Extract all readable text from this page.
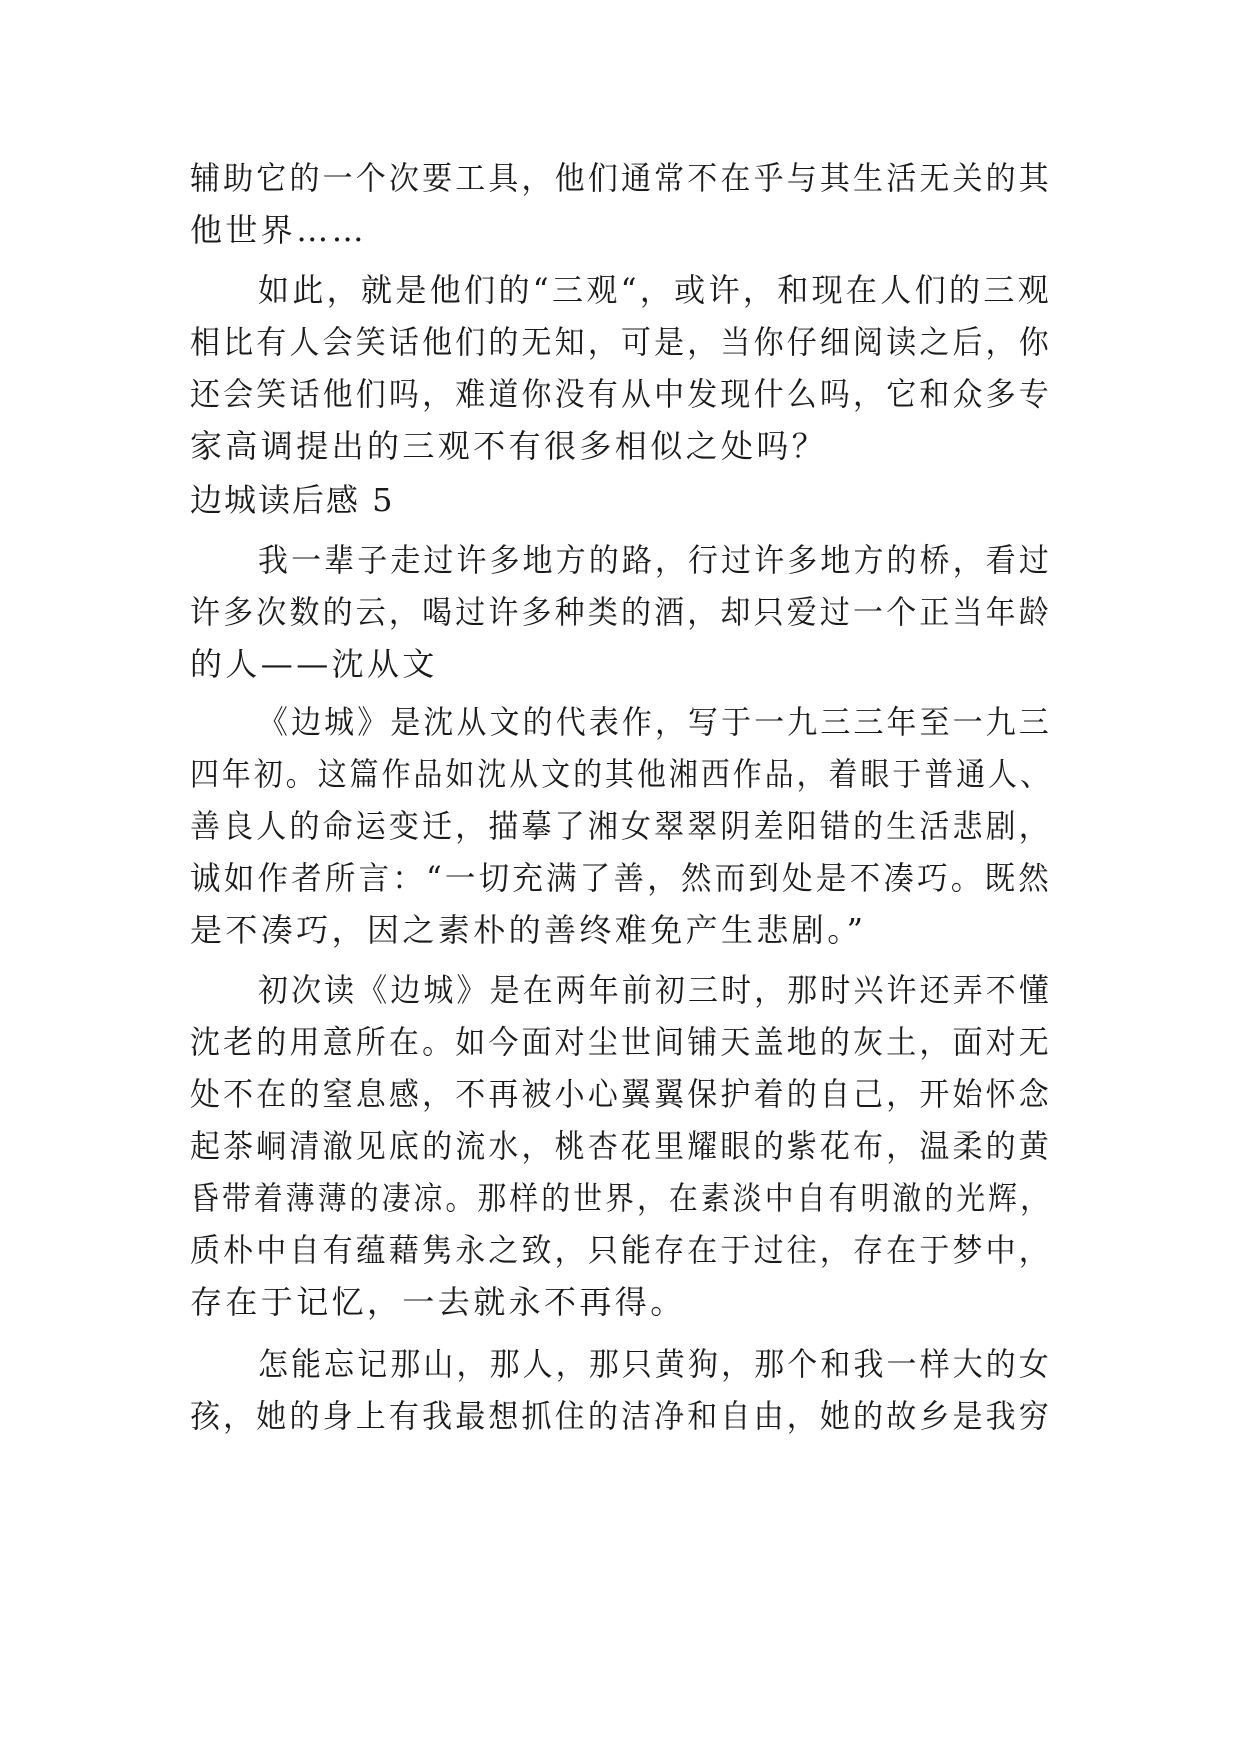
辅助它的一个次要工具，他们通常不在乎与其生活无关的其
他世界……
如此，就是他们的“三观“，或许，和现在人们的三观
相比有人会笑话他们的无知，可是，当你仔细阅读之后，你
还会笑话他们吗，难道你没有从中发现什么吗，它和众多专
家高调提出的三观不有很多相似之处吗？
边城读后感 5
我一辈子走过许多地方的路，行过许多地方的桥，看过
许多次数的云，喝过许多种类的酒，却只爱过一个正当年龄
的人——沈从文
《边城》是沈从文的代表作，写于一九三三年至一九三
四年初。这篇作品如沈从文的其他湘西作品，着眼于普通人、
善良人的命运变迁，描摹了湘女翠翠阴差阳错的生活悲剧，
诚如作者所言：“一切充满了善，然而到处是不凑巧。既然
是不凑巧，因之素朴的善终难免产生悲剧。”
初次读《边城》是在两年前初三时，那时兴许还弄不懂
沈老的用意所在。如今面对尘世间铺天盖地的灰土，面对无
处不在的窒息感，不再被小心翼翼保护着的自己，开始怀念
起茶峒清澈见底的流水，桃杏花里耀眼的紫花布，温柔的黄
昏带着薄薄的凄凉。那样的世界，在素淡中自有明澈的光辉，
质朴中自有蕴藉隽永之致，只能存在于过往，存在于梦中，
存在于记忆，一去就永不再得。
怎能忘记那山，那人，那只黄狗，那个和我一样大的女
孩，她的身上有我最想抓住的洁净和自由，她的故乡是我穷
